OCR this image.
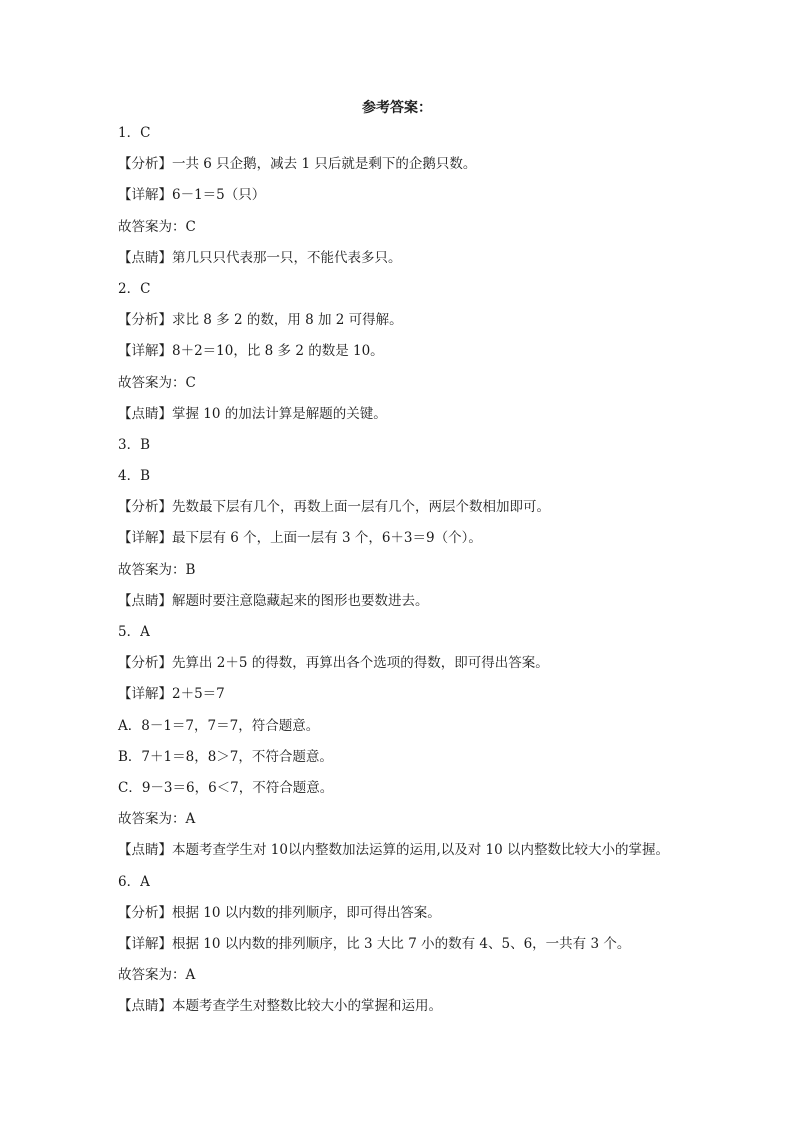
参考答案：
1．C
【分析】一共 6 只企鹅，减去 1 只后就是剩下的企鹅只数。
【详解】6－1＝5（只）
故答案为：C
【点睛】第几只只代表那一只，不能代表多只。
2．C
【分析】求比 8 多 2 的数，用 8 加 2 可得解。
【详解】8＋2＝10，比 8 多 2 的数是 10。
故答案为：C
【点睛】掌握 10 的加法计算是解题的关键。
3．B
4．B
【分析】先数最下层有几个，再数上面一层有几个，两层个数相加即可。
【详解】最下层有 6 个，上面一层有 3 个，6＋3＝9（个）。
故答案为：B
【点睛】解题时要注意隐藏起来的图形也要数进去。
5．A
【分析】先算出 2＋5 的得数，再算出各个选项的得数，即可得出答案。
【详解】2＋5＝7
A．8－1＝7，7＝7，符合题意。
B．7＋1＝8，8＞7，不符合题意。
C．9－3＝6，6＜7，不符合题意。
故答案为：A
【点睛】本题考查学生对 10以内整数加法运算的运用,以及对 10 以内整数比较大小的掌握。
6．A
【分析】根据 10 以内数的排列顺序，即可得出答案。
【详解】根据 10 以内数的排列顺序，比 3 大比 7 小的数有 4、5、6，一共有 3 个。
故答案为：A
【点睛】本题考查学生对整数比较大小的掌握和运用。
